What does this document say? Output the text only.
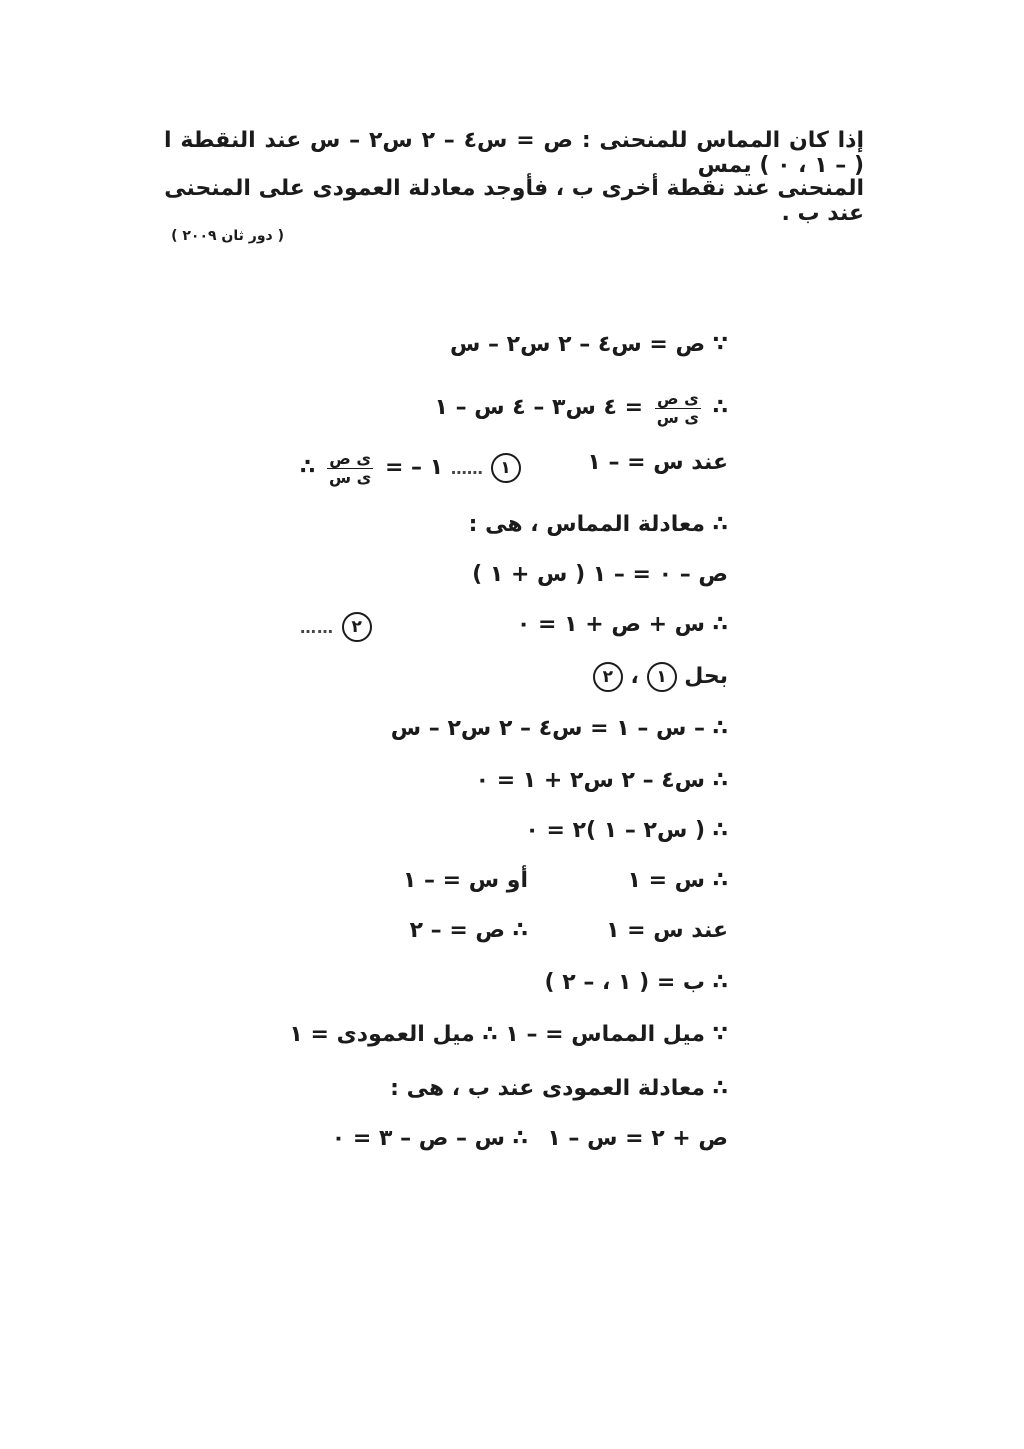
إذا كان المماس للمنحنى : ص = س٤ – ٢ س٢ – س عند النقطة ا ( – ١ ، ٠ ) يمس
المنحنى عند نقطة أخرى ب ، فأوجد معادلة العمودى على المنحنى عند ب .
( دور ثان ٢٠٠٩ )
∵ ص = س٤ – ٢ س٢ – س
∴
$\frac{\text{ى ص}}{\text{ى س}}$
= ٤ س٣ – ٤ س – ١
عند س = – ١
∴ $\frac{\text{ى ص}}{\text{ى س}}$ = – ١ …… ١
∴ معادلة المماس ، هى :
ص – ٠ = – ١ ( س + ١ )
∴ س + ص + ١ = ٠
…… ٢
بحل ١ ، ٢
∴ – س – ١ = س٤ – ٢ س٢ – س
∴ س٤ – ٢ س٢ + ١ = ٠
∴ ( س٢ – ١ )٢ = ٠
∴ س = ١
أو س = – ١
عند س = ١
∴ ص = – ٢
∴ ب = ( ١ ، – ٢ )
∵ ميل المماس = – ١ ∴ ميل العمودى = ١
∴ معادلة العمودى عند ب ، هى :
ص + ٢ = س – ١
∴ س – ص – ٣ = ٠
